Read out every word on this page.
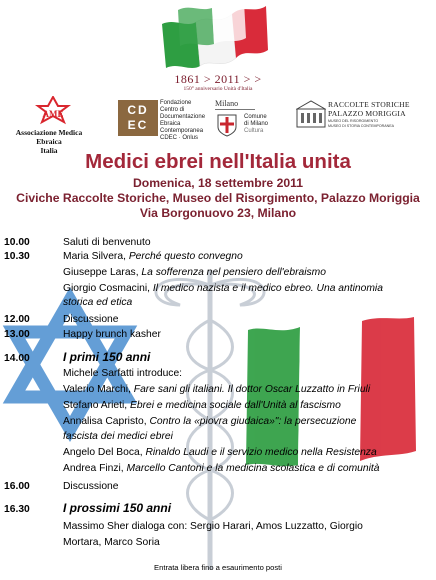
1861 > 2011 > >
150° anniversario Unità d'Italia
AME
Associazione Medica Ebraica
Italia
CD
EC
Fondazione
Centro di
Documentazione
Ebraica
Contemporanea
CDEC · Onlus
Milano
Comune
di Milano
Cultura
RACCOLTE STORICHE
PALAZZO MORIGGIA
MUSEO DEL RISORGIMENTO
MUSEO DI STORIA CONTEMPORANEA
Medici ebrei nell'Italia unita
Domenica, 18 settembre 2011
Civiche Raccolte Storiche, Museo del Risorgimento, Palazzo Moriggia
Via Borgonuovo 23, Milano
10.00	Saluti di benvenuto
10.30	Maria Silvera, Perché questo convegno
Giuseppe Laras, La sofferenza nel pensiero dell'ebraismo
Giorgio Cosmacini, Il medico nazista e il medico ebreo. Una antinomia
storica ed etica
12.00	Discussione
13.00	Happy brunch kasher
14.00	I primi 150 anni
Michele Sarfatti introduce:
Valerio Marchi, Fare sani gli italiani. Il dottor Oscar Luzzatto in Friuli
Stefano Arieti, Ebrei e medicina sociale dall'Unità al fascismo
Annalisa Capristo, Contro la «piovra giudaica»": la persecuzione
fascista dei medici ebrei
Angelo Del Boca, Rinaldo Laudi e il servizio medico nella Resistenza
Andrea Finzi, Marcello Cantoni e la medicina scolastica e di comunità
16.00	Discussione
16.30	I prossimi 150 anni
Massimo Sher dialoga con: Sergio Harari, Amos Luzzatto, Giorgio
Mortara, Marco Soria
Entrata libera fino a esaurimento posti
